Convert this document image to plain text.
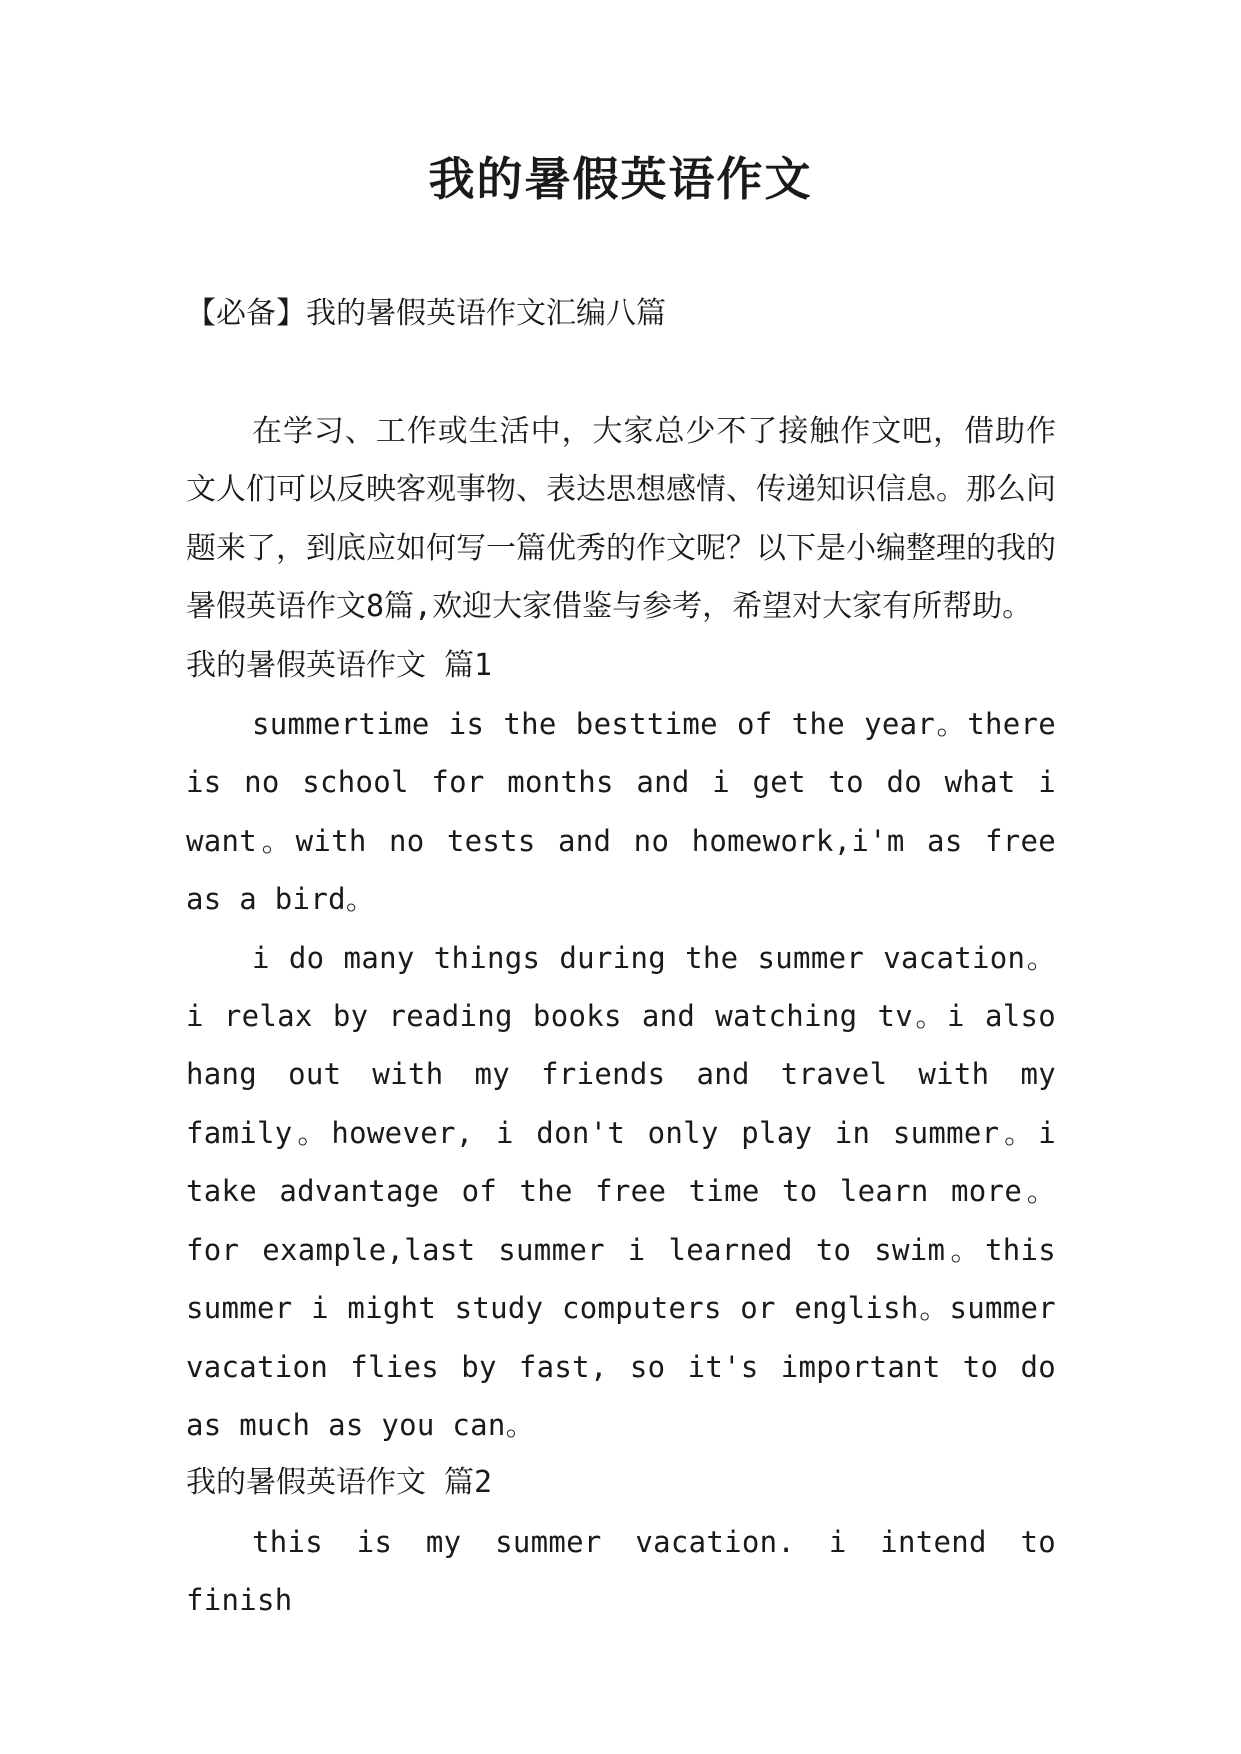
我的暑假英语作文

【必备】我的暑假英语作文汇编八篇

在学习、工作或生活中，大家总少不了接触作文吧，借助作文人们可以反映客观事物、表达思想感情、传递知识信息。那么问题来了，到底应如何写一篇优秀的作文呢？以下是小编整理的我的暑假英语作文8篇,欢迎大家借鉴与参考，希望对大家有所帮助。

我的暑假英语作文 篇1

summertime is the besttime of the year。there is no school for months and i get to do what i want。with no tests and no homework,i'm as free as a bird。

i do many things during the summer vacation。i relax by reading books and watching tv。i also hang out with my friends and travel with my family。however, i don't only play in summer。i take advantage of the free time to learn more。for example,last summer i learned to swim。this summer i might study computers or english。summer vacation flies by fast, so it's important to do as much as you can。

我的暑假英语作文 篇2

this is my summer vacation. i intend to finish
